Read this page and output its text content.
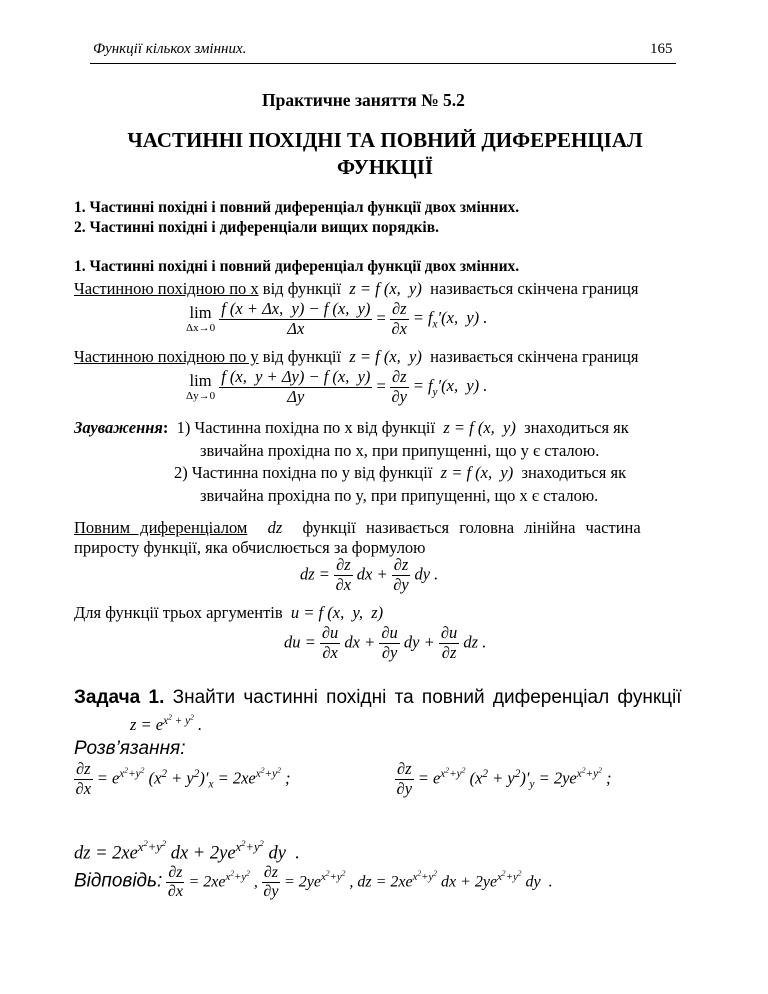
Функції кількох змінних.	165
Практичне заняття № 5.2
ЧАСТИННІ ПОХІДНІ ТА ПОВНИЙ ДИФЕРЕНЦІАЛ
ФУНКЦІЇ
1. Частинні похідні і повний диференціал функції двох змінних.
2. Частинні похідні і диференціали вищих порядків.
1. Частинні похідні і повний диференціал функції двох змінних.
Частинною похідною по x від функції  z = f (x,  y)  називається скінчена границя
lim
Δx→0
$\frac{f (x + \Delta x, y) - f (x, y)}{\Delta x} = \frac{\partial z}{\partial x} = f_x'(x$,  y) .
Частинною похідною по y від функції  z = f (x,  y)  називається скінчена границя
lim
Δy→0
$\frac{f (x, y + \Delta y) - f (x, y)}{\Delta y} = \frac{\partial z}{\partial y} = f_y'(x$,  y) .
Зауваження: 1) Частинна похідна по x від функції  z = f (x,  y)  знаходиться як
звичайна прохідна по x, при припущенні, що y є сталою.
2) Частинна похідна по y від функції  z = f (x,  y)  знаходиться як
звичайна прохідна по y, при припущенні, що x є сталою.
Повним диференціалом  dz  функції називається головна лінійна частина
приросту функції, яка обчислюється за формулою
dz = $\frac{\partial z}{\partial x}$ dx + $\frac{\partial z}{\partial y}$ dy .
Для функції трьох аргументів  u = f (x,  y,  z)
du = $\frac{\partial u}{\partial x}$ dx + $\frac{\partial u}{\partial y}$ dy + $\frac{\partial u}{\partial z}$ dz .
Задача 1. Знайти частинні похідні та повний диференціал функції
$z = e^{x^2 + y^2}$ .
Розв’язання:
$\frac{\partial z}{\partial x} = e^{x^2+y^2}$ $(x^2 + y^2)'_x = 2xe^{x^2+y^2}$ ;	$\frac{\partial z}{\partial y} = e^{x^2+y^2}$ $(x^2 + y^2)'_y = 2ye^{x^2+y^2}$ ;
dz = $2xe^{x^2+y^2}$ dx + $2ye^{x^2+y^2}$ dy  .
Відповідь: $\frac{\partial z}{\partial x} = 2xe^{x^2+y^2}$ , $\frac{\partial z}{\partial y} = 2ye^{x^2+y^2}$ , dz = $2xe^{x^2+y^2}$ dx + $2ye^{x^2+y^2}$ dy  .
